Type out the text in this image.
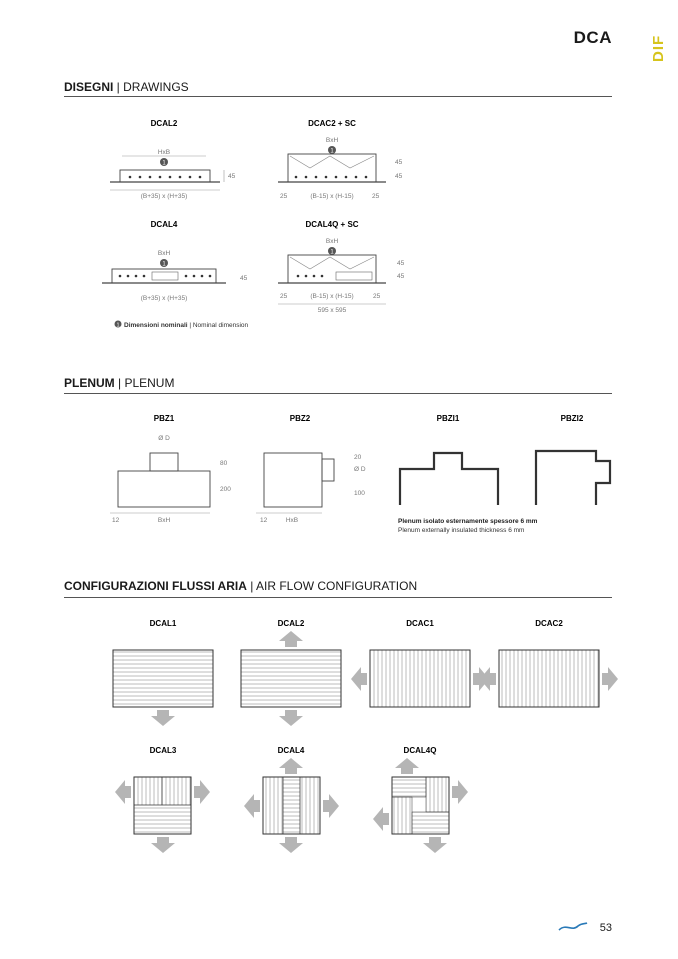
DCA	DIF
DISEGNI | DRAWINGS
DCAL2
HxB
1
45
(B+35) x (H+35)
DCAC2 + SC
BxH
1
45
45
25	(B-15) x (H-15)	25
DCAL4
BxH
1
45
(B+35) x (H+35)
DCAL4Q + SC
BxH
1
45
45
25	(B-15) x (H-15)	25
595 x 595
1 Dimensioni nominali | Nominal dimension
PLENUM | PLENUM
PBZ1
Ø D
80
200
12	BxH
PBZ2
20
Ø D
100
12	HxB
PBZI1	PBZI2
Plenum isolato esternamente spessore 6 mm
Plenum externally insulated thickness 6 mm
CONFIGURAZIONI FLUSSI ARIA | AIR FLOW CONFIGURATION
DCAL1	DCAL2	DCAC1	DCAC2
DCAL3	DCAL4	DCAL4Q
53
